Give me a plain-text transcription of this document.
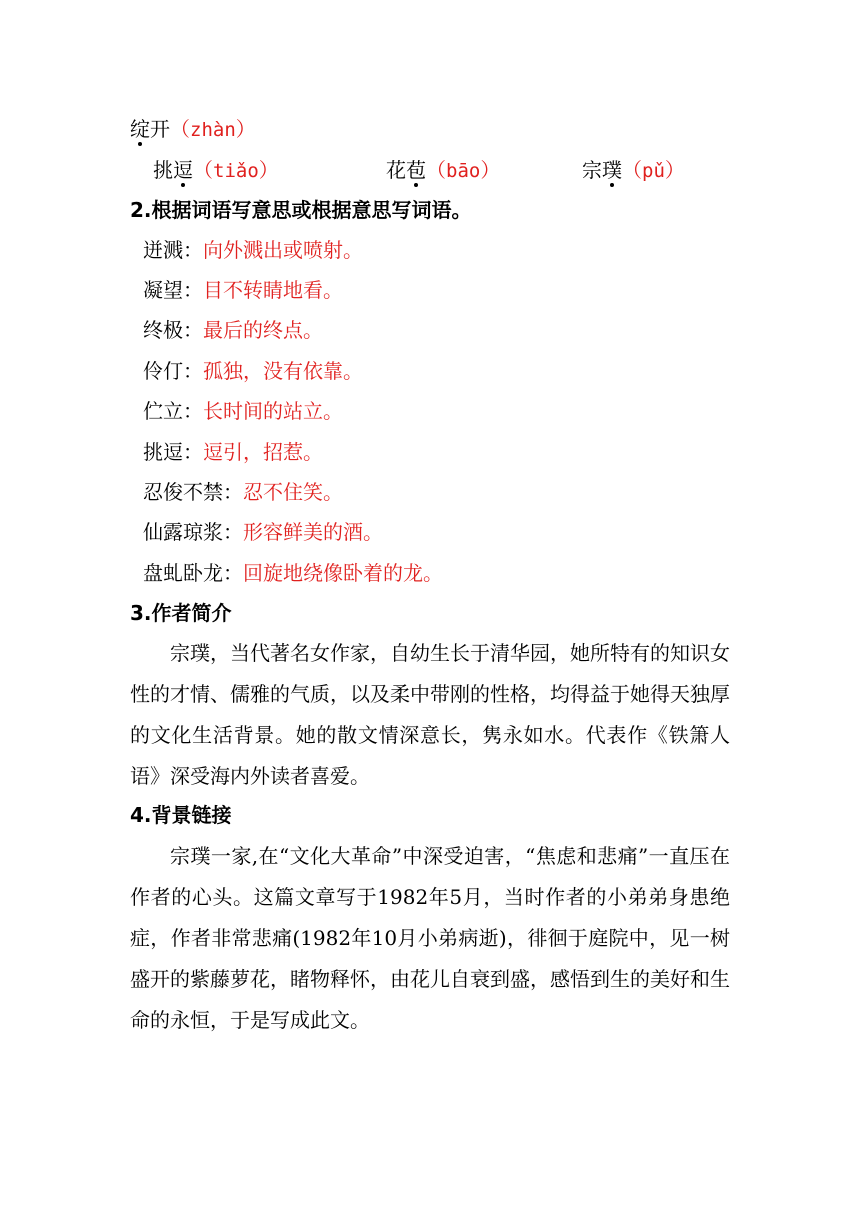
绽开（zhàn）
挑逗（tiǎo）	花苞（bāo）	宗璞（pǔ）
2.根据词语写意思或根据意思写词语。
迸溅：向外溅出或喷射。
凝望：目不转睛地看。
终极：最后的终点。
伶仃：孤独，没有依靠。
伫立：长时间的站立。
挑逗：逗引，招惹。
忍俊不禁：忍不住笑。
仙露琼浆：形容鲜美的酒。
盘虬卧龙：回旋地绕像卧着的龙。
3.作者简介

宗璞，当代著名女作家，自幼生长于清华园，她所特有的知识女性的才情、儒雅的气质，以及柔中带刚的性格，均得益于她得天独厚的文化生活背景。她的散文情深意长，隽永如水。代表作《铁箫人语》深受海内外读者喜爱。

4.背景链接

宗璞一家,在“文化大革命”中深受迫害，“焦虑和悲痛”一直压在作者的心头。这篇文章写于1982年5月，当时作者的小弟弟身患绝症，作者非常悲痛(1982年10月小弟病逝)，徘徊于庭院中，见一树盛开的紫藤萝花，睹物释怀，由花儿自衰到盛，感悟到生的美好和生命的永恒，于是写成此文。
